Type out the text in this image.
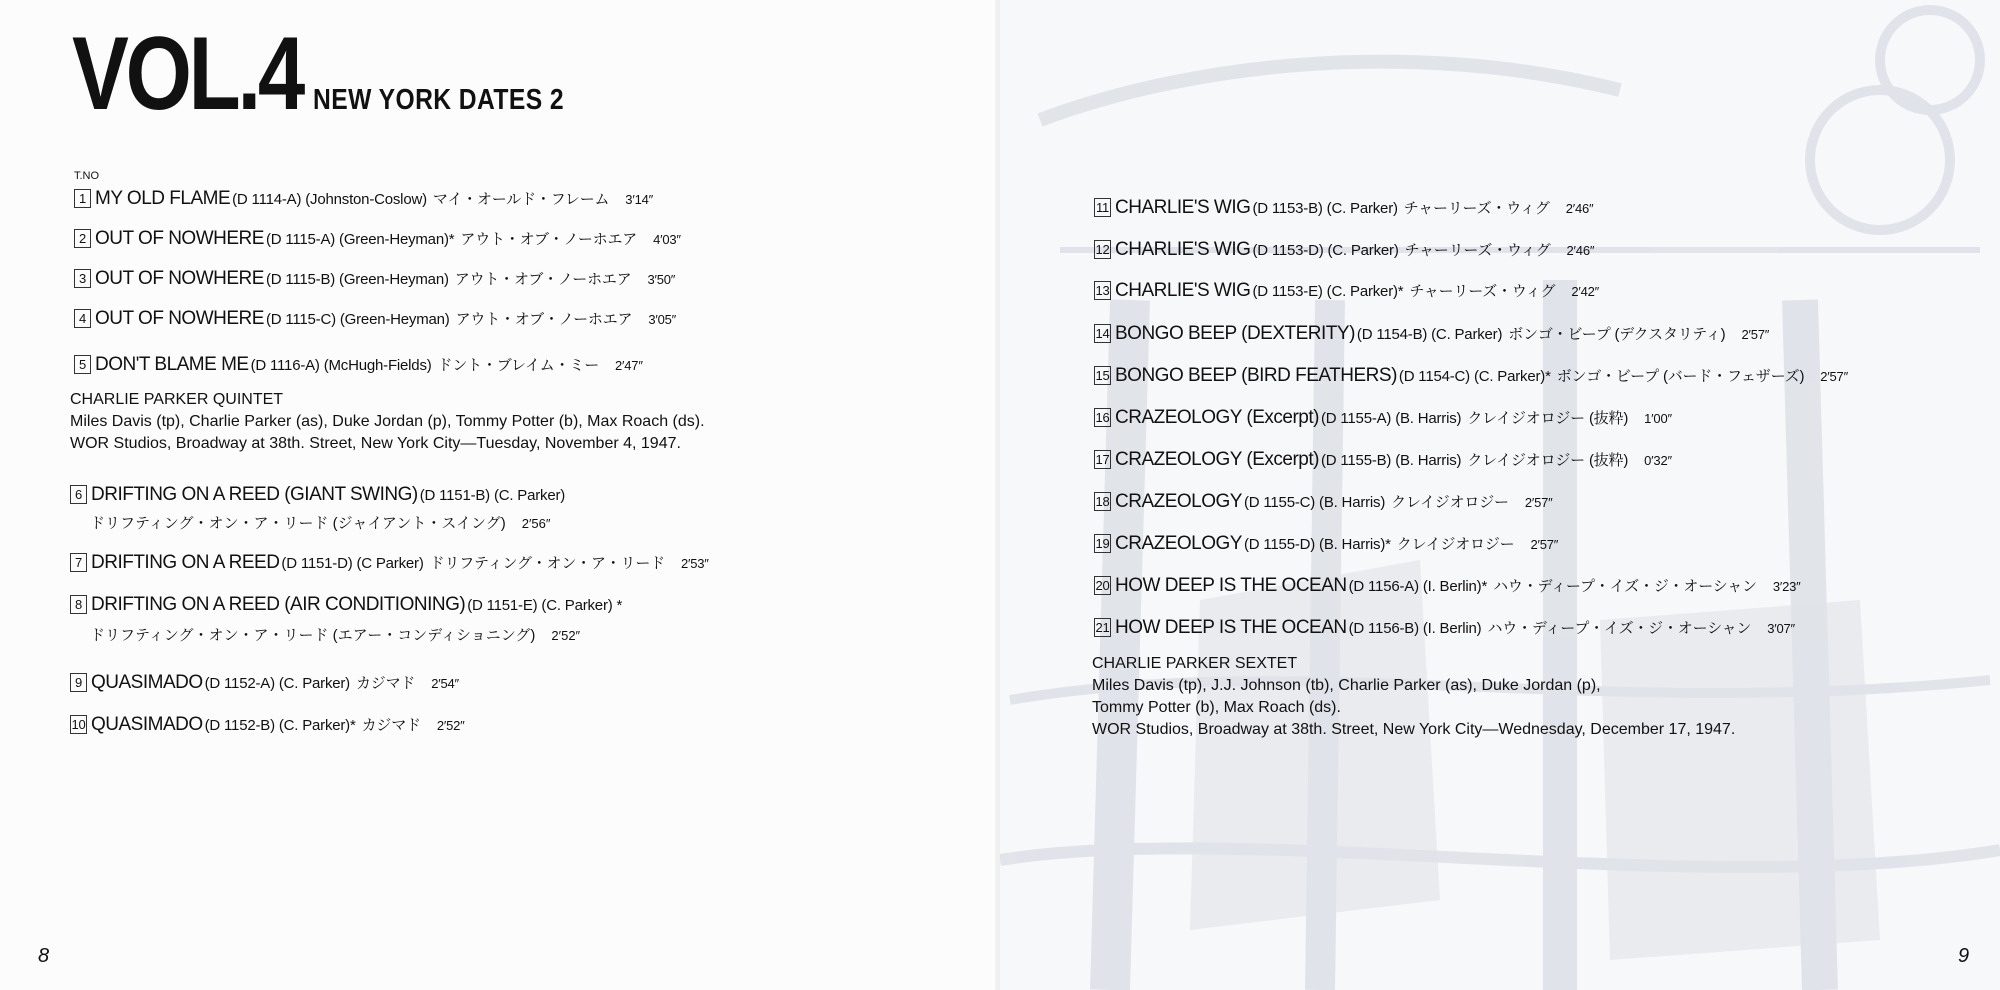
VOL.4 NEW YORK DATES 2
T.NO
1 MY OLD FLAME (D 1114-A) (Johnston-Coslow) マイ・オールド・フレーム 3′14″
2 OUT OF NOWHERE (D 1115-A) (Green-Heyman)* アウト・オブ・ノーホエア 4′03″
3 OUT OF NOWHERE (D 1115-B) (Green-Heyman) アウト・オブ・ノーホエア 3′50″
4 OUT OF NOWHERE (D 1115-C) (Green-Heyman) アウト・オブ・ノーホエア 3′05″
5 DON'T BLAME ME (D 1116-A) (McHugh-Fields) ドント・ブレイム・ミー 2′47″
CHARLIE PARKER QUINTET
Miles Davis (tp), Charlie Parker (as), Duke Jordan (p), Tommy Potter (b), Max Roach (ds).
WOR Studios, Broadway at 38th. Street, New York City—Tuesday, November 4, 1947.
6 DRIFTING ON A REED (GIANT SWING) (D 1151-B) (C. Parker)
ドリフティング・オン・ア・リード (ジャイアント・スイング) 2′56″
7 DRIFTING ON A REED (D 1151-D) (C Parker) ドリフティング・オン・ア・リード 2′53″
8 DRIFTING ON A REED (AIR CONDITIONING) (D 1151-E) (C. Parker) *
ドリフティング・オン・ア・リード (エアー・コンディショニング) 2′52″
9 QUASIMADO (D 1152-A) (C. Parker) カジマド 2′54″
10 QUASIMADO (D 1152-B) (C. Parker)* カジマド 2′52″
8
11 CHARLIE'S WIG (D 1153-B) (C. Parker) チャーリーズ・ウィグ 2′46″
12 CHARLIE'S WIG (D 1153-D) (C. Parker) チャーリーズ・ウィグ 2′46″
13 CHARLIE'S WIG (D 1153-E) (C. Parker)* チャーリーズ・ウィグ 2′42″
14 BONGO BEEP (DEXTERITY) (D 1154-B) (C. Parker) ボンゴ・ビープ (デクスタリティ) 2′57″
15 BONGO BEEP (BIRD FEATHERS) (D 1154-C) (C. Parker)* ボンゴ・ビープ (バード・フェザーズ) 2′57″
16 CRAZEOLOGY (Excerpt) (D 1155-A) (B. Harris) クレイジオロジー (抜粋) 1′00″
17 CRAZEOLOGY (Excerpt) (D 1155-B) (B. Harris) クレイジオロジー (抜粋) 0′32″
18 CRAZEOLOGY (D 1155-C) (B. Harris) クレイジオロジー 2′57″
19 CRAZEOLOGY (D 1155-D) (B. Harris)* クレイジオロジー 2′57″
20 HOW DEEP IS THE OCEAN (D 1156-A) (I. Berlin)* ハウ・ディープ・イズ・ジ・オーシャン 3′23″
21 HOW DEEP IS THE OCEAN (D 1156-B) (I. Berlin) ハウ・ディープ・イズ・ジ・オーシャン 3′07″
CHARLIE PARKER SEXTET
Miles Davis (tp), J.J. Johnson (tb), Charlie Parker (as), Duke Jordan (p),
Tommy Potter (b), Max Roach (ds).
WOR Studios, Broadway at 38th. Street, New York City—Wednesday, December 17, 1947.
9
